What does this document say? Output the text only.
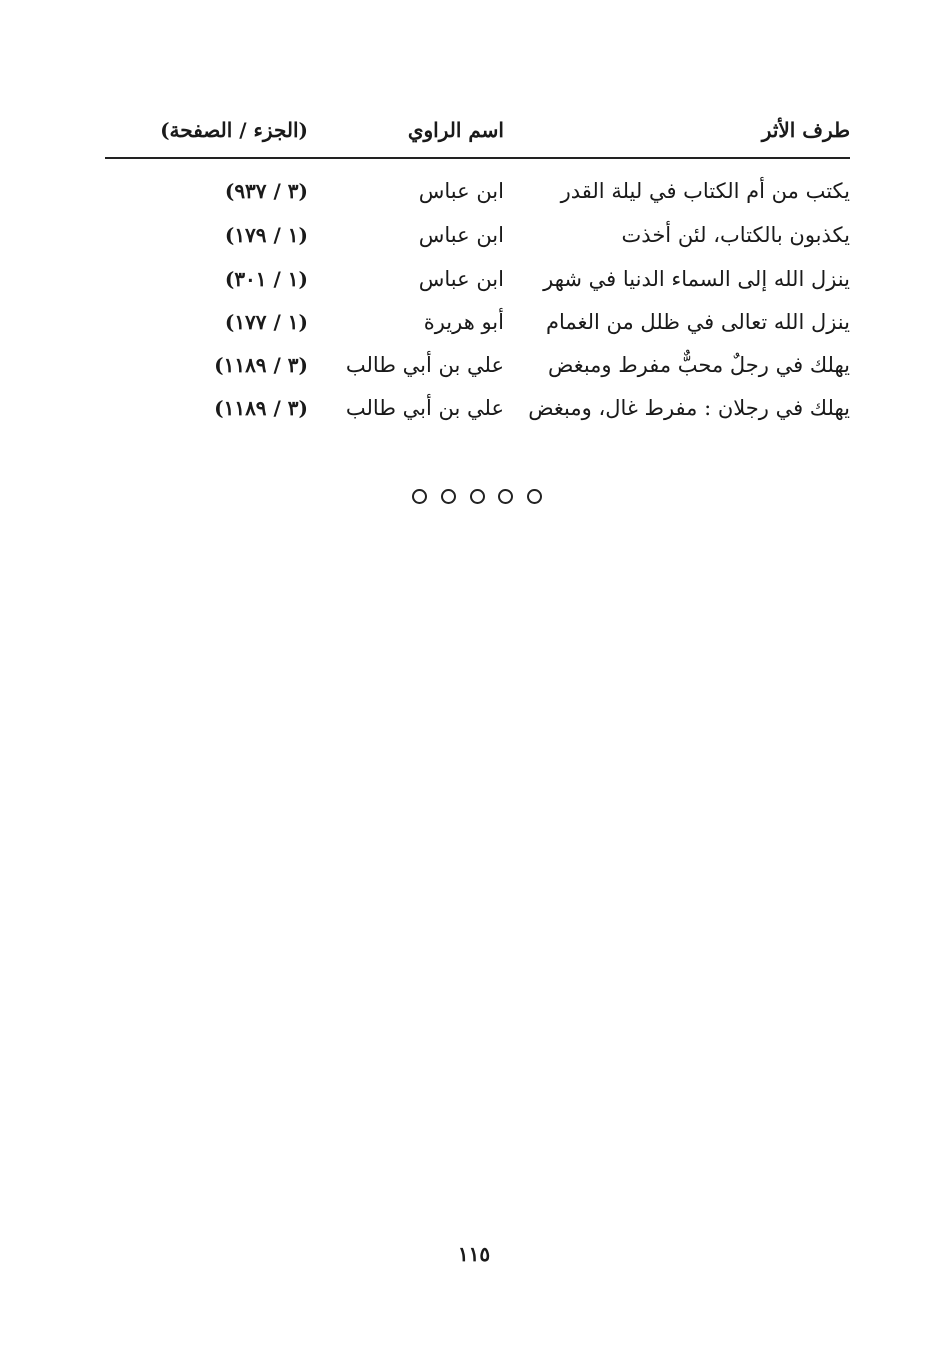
طرف الأثر
اسم الراوي
(الجزء / الصفحة)
يكتب من أم الكتاب في ليلة القدر
ابن عباس
(٣ / ٩٣٧)
يكذبون بالكتاب، لئن أخذت
ابن عباس
(١ / ١٧٩)
ينزل الله إلى السماء الدنيا في شهر
ابن عباس
(١ / ٣٠١)
ينزل الله تعالى في ظلل من الغمام
أبو هريرة
(١ / ١٧٧)
يهلك في رجلٌ محبٌّ مفرط ومبغض
علي بن أبي طالب
(٣ / ١١٨٩)
يهلك في رجلان : مفرط غال، ومبغض
علي بن أبي طالب
(٣ / ١١٨٩)
١١٥
